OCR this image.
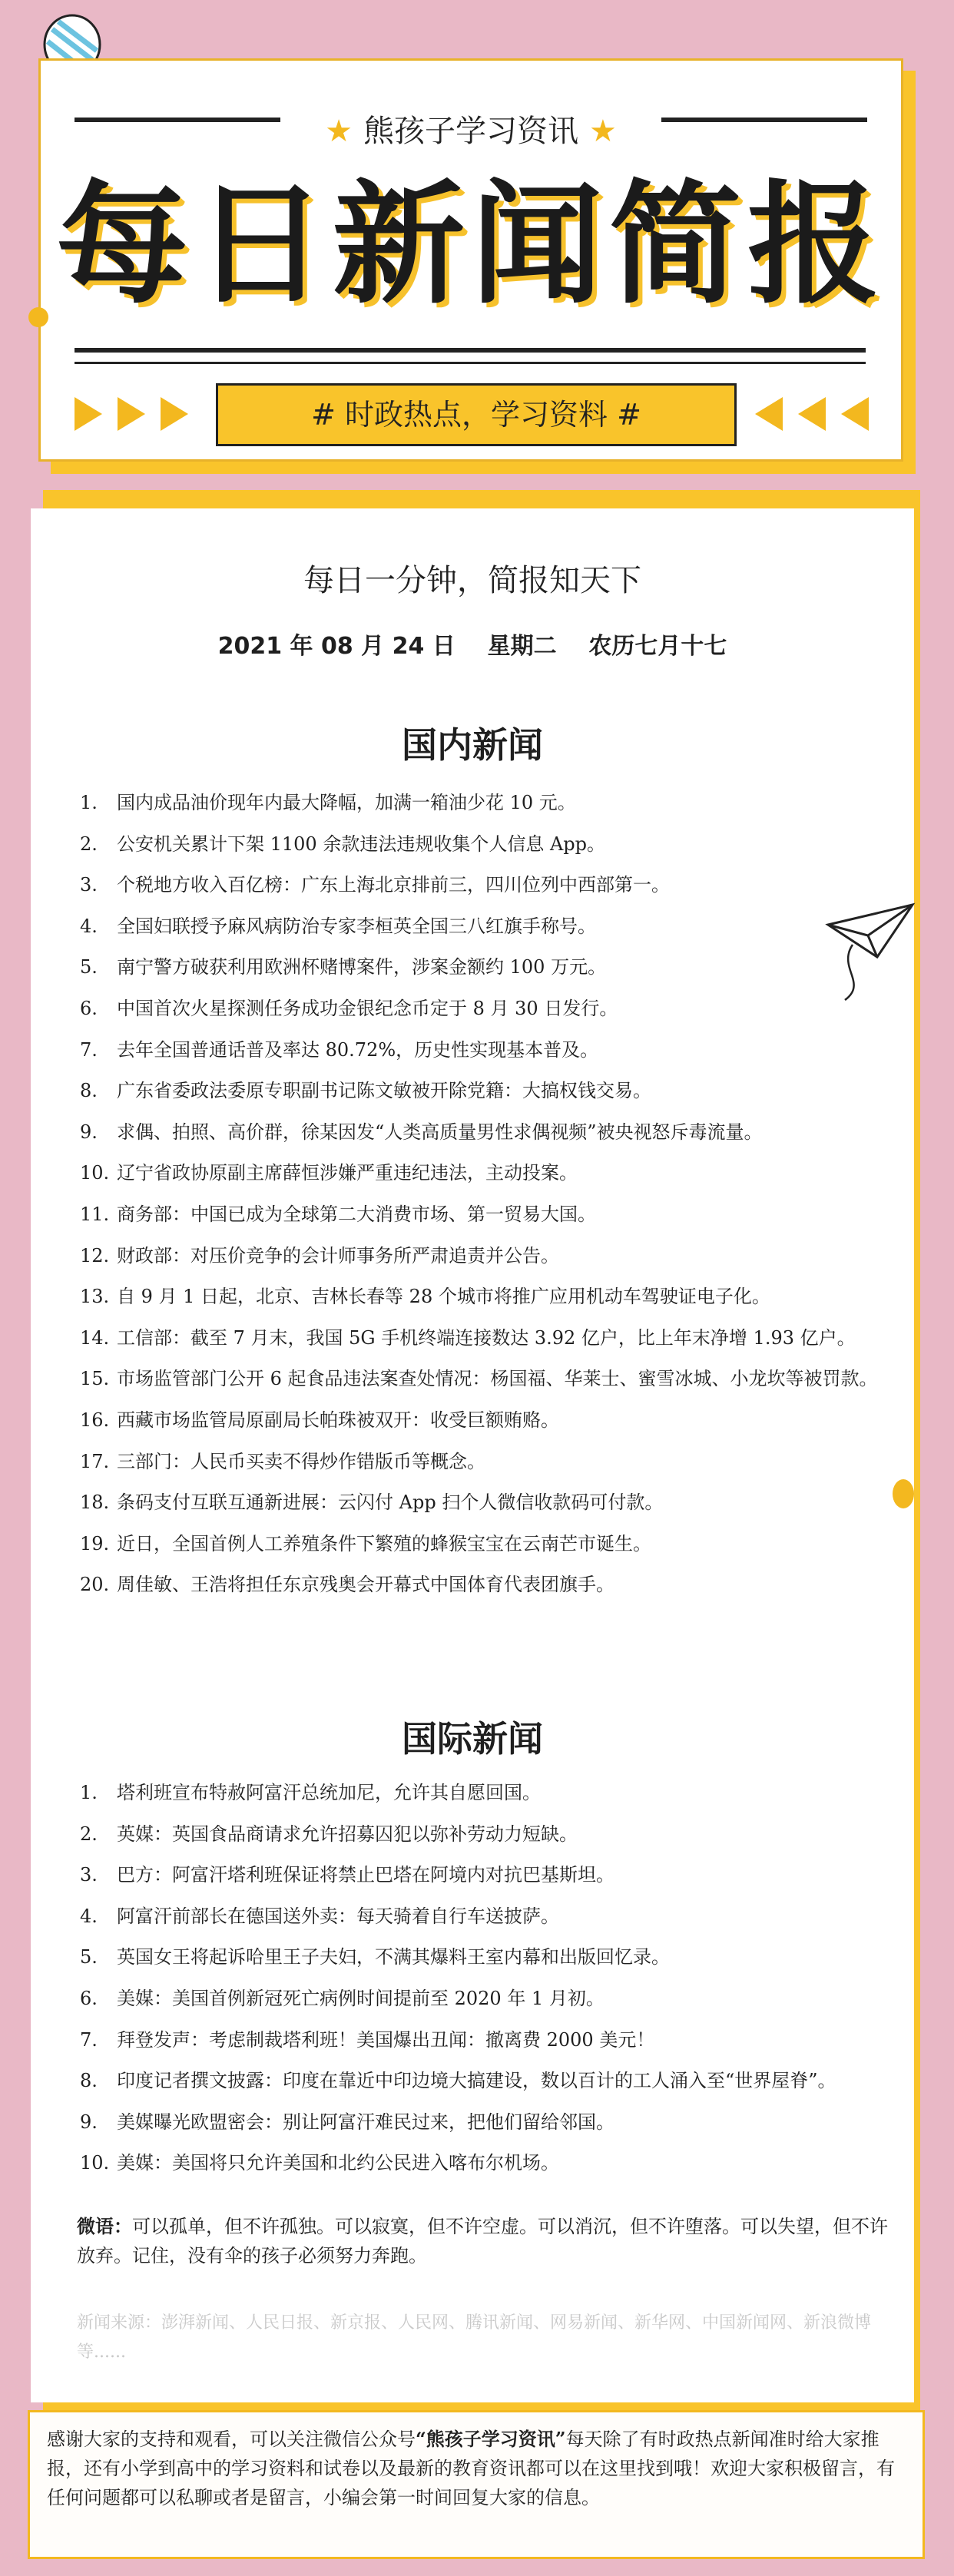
★ 熊孩子学习资讯 ★
每日新闻简报
# 时政热点，学习资料 #
每日一分钟，简报知天下
2021 年 08 月 24 日    星期二    农历七月十七
国内新闻
1. 国内成品油价现年内最大降幅，加满一箱油少花 10 元。
2. 公安机关累计下架 1100 余款违法违规收集个人信息 App。
3. 个税地方收入百亿榜：广东上海北京排前三，四川位列中西部第一。
4. 全国妇联授予麻风病防治专家李桓英全国三八红旗手称号。
5. 南宁警方破获利用欧洲杯赌博案件，涉案金额约 100 万元。
6. 中国首次火星探测任务成功金银纪念币定于 8 月 30 日发行。
7. 去年全国普通话普及率达 80.72%，历史性实现基本普及。
8. 广东省委政法委原专职副书记陈文敏被开除党籍：大搞权钱交易。
9. 求偶、拍照、高价群，徐某因发“人类高质量男性求偶视频”被央视怒斥毒流量。
10. 辽宁省政协原副主席薛恒涉嫌严重违纪违法，主动投案。
11. 商务部：中国已成为全球第二大消费市场、第一贸易大国。
12. 财政部：对压价竞争的会计师事务所严肃追责并公告。
13. 自 9 月 1 日起，北京、吉林长春等 28 个城市将推广应用机动车驾驶证电子化。
14. 工信部：截至 7 月末，我国 5G 手机终端连接数达 3.92 亿户，比上年末净增 1.93 亿户。
15. 市场监管部门公开 6 起食品违法案查处情况：杨国福、华莱士、蜜雪冰城、小龙坎等被罚款。
16. 西藏市场监管局原副局长帕珠被双开：收受巨额贿赂。
17. 三部门：人民币买卖不得炒作错版币等概念。
18. 条码支付互联互通新进展：云闪付 App 扫个人微信收款码可付款。
19. 近日，全国首例人工养殖条件下繁殖的蜂猴宝宝在云南芒市诞生。
20. 周佳敏、王浩将担任东京残奥会开幕式中国体育代表团旗手。
国际新闻
1. 塔利班宣布特赦阿富汗总统加尼，允许其自愿回国。
2. 英媒：英国食品商请求允许招募囚犯以弥补劳动力短缺。
3. 巴方：阿富汗塔利班保证将禁止巴塔在阿境内对抗巴基斯坦。
4. 阿富汗前部长在德国送外卖：每天骑着自行车送披萨。
5. 英国女王将起诉哈里王子夫妇，不满其爆料王室内幕和出版回忆录。
6. 美媒：美国首例新冠死亡病例时间提前至 2020 年 1 月初。
7. 拜登发声：考虑制裁塔利班！美国爆出丑闻：撤离费 2000 美元！
8. 印度记者撰文披露：印度在靠近中印边境大搞建设，数以百计的工人涌入至“世界屋脊”。
9. 美媒曝光欧盟密会：别让阿富汗难民过来，把他们留给邻国。
10. 美媒：美国将只允许美国和北约公民进入喀布尔机场。
微语：可以孤单，但不许孤独。可以寂寞，但不许空虚。可以消沉，但不许堕落。可以失望，但不许放弃。记住，没有伞的孩子必须努力奔跑。
新闻来源：澎湃新闻、人民日报、新京报、人民网、腾讯新闻、网易新闻、新华网、中国新闻网、新浪微博等......
感谢大家的支持和观看，可以关注微信公众号“熊孩子学习资讯”每天除了有时政热点新闻准时给大家推报，还有小学到高中的学习资料和试卷以及最新的教育资讯都可以在这里找到哦！欢迎大家积极留言，有任何问题都可以私聊或者是留言，小编会第一时间回复大家的信息。
